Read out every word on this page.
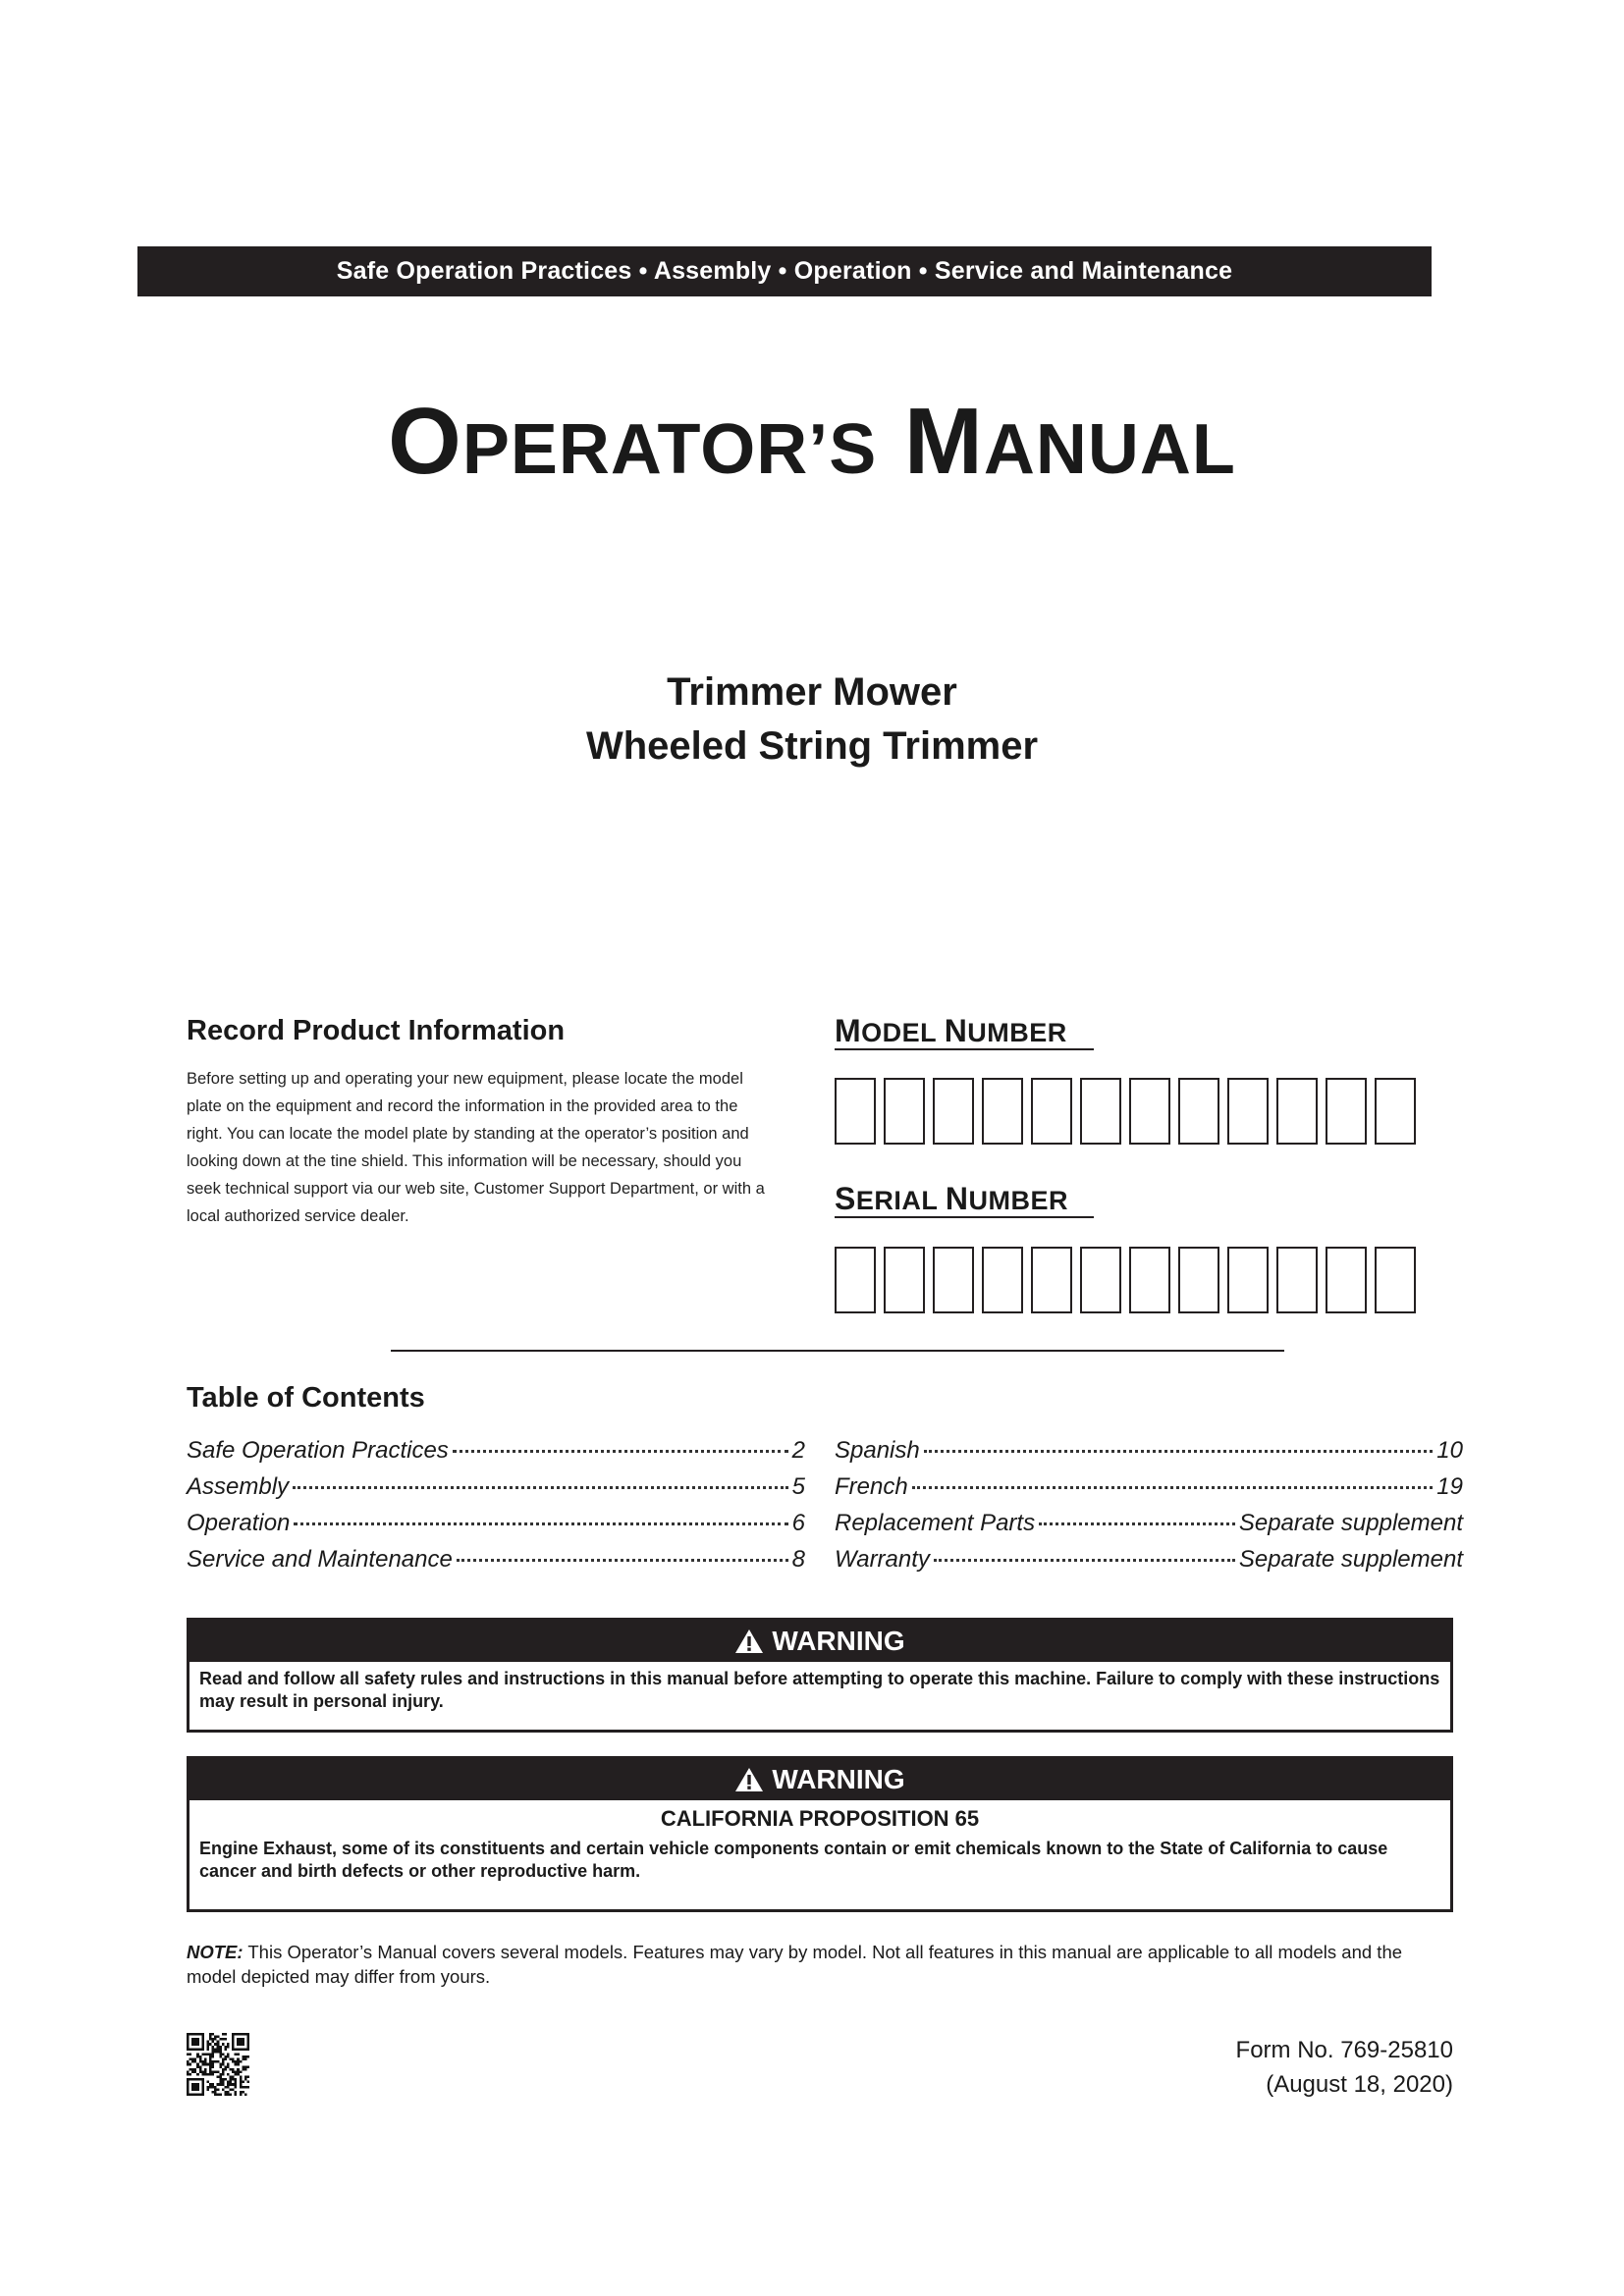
Safe Operation Practices • Assembly • Operation • Service and Maintenance
OPERATOR’S MANUAL
Trimmer Mower
Wheeled String Trimmer
Record Product Information
Before setting up and operating your new equipment, please locate the model plate on the equipment and record the information in the provided area to the right. You can locate the model plate by standing at the operator’s position and looking down at the tine shield. This information will be necessary, should you seek technical support via our web site, Customer Support Department, or with a local authorized service dealer.
MODEL NUMBER
SERIAL NUMBER
Table of Contents
Safe Operation Practices	2
Assembly	5
Operation	6
Service and Maintenance	8
Spanish	10
French	19
Replacement Parts	Separate supplement
Warranty	Separate supplement
WARNING
Read and follow all safety rules and instructions in this manual before attempting to operate this machine. Failure to comply with these instructions may result in personal injury.
WARNING
CALIFORNIA PROPOSITION 65
Engine Exhaust, some of its constituents and certain vehicle components contain or emit chemicals known to the State of California to cause cancer and birth defects or other reproductive harm.
NOTE: This Operator’s Manual covers several models. Features may vary by model. Not all features in this manual are applicable to all models and the model depicted may differ from yours.
Form No. 769-25810
(August 18, 2020)
